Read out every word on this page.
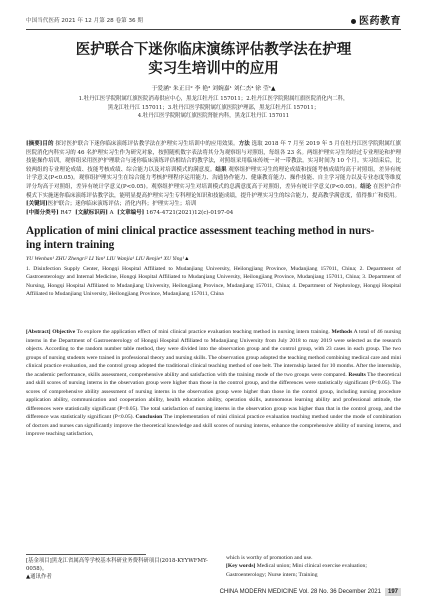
中国当代医药 2021 年 12 月第 28 卷第 36 期	医药教育
医护联合下迷你临床演练评估教学法在护理
实习生培训中的应用
于爱涵¹ 朱正日² 李 艳³ 刘婉嘉¹ 刘仁杰⁴ 徐 莹¹▲
1.牡丹江医学院附属红旗医院消毒供应中心，黑龙江牡丹江 157011；2.牡丹江医学院附属红旗医院消化内二科，
黑龙江牡丹江 157011；3.牡丹江医学院附属红旗医院护理部，黑龙江牡丹江 157011；
4.牡丹江医学院附属红旗医院肾脏内科，黑龙江牡丹江 157011
[摘要]目的 探讨医护联合下迷你临床演练评估教学法在护理实习生培训中的应用效果。方法 选取 2018 年 7 月至 2019 年 5 月在牡丹江医学院附属红旗医院消化内科实习的 46 名护理实习生作为研究对象，按照随机数字表法将其分为观察组与对照组，每组各 23 名。两组护理实习生均经过专业理论和护理技能操作培训，观察组采用医护护理联合与迷你临床演练评估相结合的教学法，对照组采用临床传统一对一带教法。实习时间为 10 个月。实习结束后，比较两组的专业理论成绩、技能考核成绩、综合能力以及对培训模式的满意度。结果 观察组护理实习生的理论成绩和技能考核成绩均高于对照组，差异有统计学意义(P<0.05)。观察组护理实习生在综合能力考核护理程序运用能力、沟通协作能力、健康教育能力、操作技能、自主学习能力以及专业态度等维度评分均高于对照组，差异有统计学意义(P<0.05)。观察组护理实习生对培训模式的总满意度高于对照组，差异有统计学意义(P<0.05)。结论 在医护合作模式下实施迷你临床演练评估教学法，能明显提高护理实习生专科理论知识和技能成绩，提升护理实习生的综合能力，提高教学满意度，值得推广和使用。
[关键词]医护联合；迷你临床演练评估；消化内科；护理实习生；培训
[中图分类号] R47 [文献标识码] A [文章编号] 1674-4721(2021)12(c)-0197-04
Application of mini clinical practice assessment teaching method in nurs-
ing intern training
YU Wenhan¹ ZHU Zhengri² LI Yan³ LIU Wanjia¹ LIU Renjie⁴ XU Ying¹▲
1. Disinfection Supply Center, Hongqi Hospital Affiliated to Mudanjiang University, Heilongjiang Province, Mudanjiang 157011, China; 2. Department of Gastroenterology and Internal Medicine, Hongqi Hospital Affiliated to Mudanjiang University, Heilongjiang Province, Mudanjiang 157011, China; 3. Department of Nursing, Hongqi Hospital Affiliated to Mudanjiang University, Heilongjiang Province, Mudanjiang 157011, China; 4. Department of Nephrology, Hongqi Hospital Affiliated to Mudanjiang University, Heilongjiang Province, Mudanjiang 157011, China
[Abstract] Objective To explore the application effect of mini clinical practice evaluation teaching method in nursing intern training. Methods A total of 46 nursing interns in the Department of Gastroenterology of Hongqi Hospital Affiliated to Mudanjiang University from July 2018 to may 2019 were selected as the research objects. According to the random number table method, they were divided into the observation group and the control group, with 23 cases in each group. The two groups of nursing students were trained in professional theory and nursing skills. The observation group adopted the teaching method combining medical care and mini clinical practice evaluation, and the control group adopted the traditional clinical teaching method of one belt. The internship lasted for 10 months. After the internship, the academic performance, skills assessment, comprehensive ability and satisfaction with the training mode of the two groups were compared. Results The theoretical and skill scores of nursing interns in the observation group were higher than those in the control group, and the differences were statistically significant (P<0.05). The scores of comprehensive ability assessment of nursing interns in the observation group were higher than those in the control group, including nursing procedure application ability, communication and cooperation ability, health education ability, operation skills, autonomous learning ability and professional attitude, the differences were statistically significant (P<0.05). The total satisfaction of nursing interns in the observation group was higher than that in the control group, and the difference was statistically significant (P<0.05). Conclusion The implementation of mini clinical practice evaluation teaching method under the mode of combination of doctors and nurses can significantly improve the theoretical knowledge and skill scores of nursing interns, enhance the comprehensive ability of nursing interns, and improve teaching satisfaction,
[基金项目]黑龙江省属高等学校基本科研业务费科研项目(2018-KYYWFMY-0058)。
▲通讯作者
which is worthy of promotion and use.
[Key words] Medical union; Mini clinical exercise evaluation; Gastroenterology; Nurse intern; Training
CHINA MODERN MEDICINE Vol. 28 No. 36 December 2021 197
